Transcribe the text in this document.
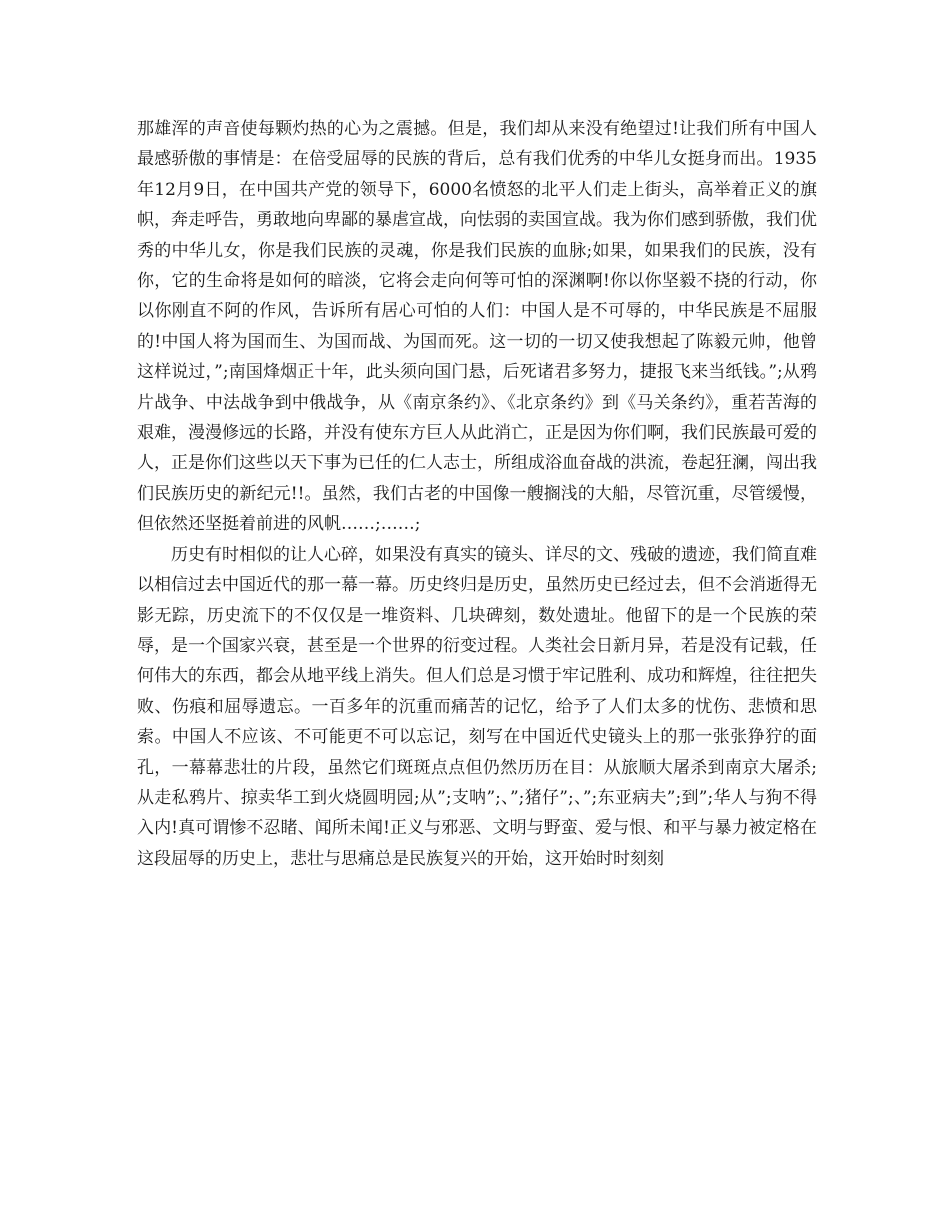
那雄浑的声音使每颗灼热的心为之震撼。但是，我们却从来没有绝望过!让我们所有中国人最感骄傲的事情是：在倍受屈辱的民族的背后，总有我们优秀的中华儿女挺身而出。1935年12月9日，在中国共产党的领导下，6000名愤怒的北平人们走上街头，高举着正义的旗帜，奔走呼告，勇敢地向卑鄙的暴虐宣战，向怯弱的卖国宣战。我为你们感到骄傲，我们优秀的中华儿女，你是我们民族的灵魂，你是我们民族的血脉;如果，如果我们的民族，没有你，它的生命将是如何的暗淡，它将会走向何等可怕的深渊啊!你以你坚毅不挠的行动，你以你刚直不阿的作风，告诉所有居心可怕的人们：中国人是不可辱的，中华民族是不屈服的!中国人将为国而生、为国而战、为国而死。这一切的一切又使我想起了陈毅元帅，他曾这样说过，”;南国烽烟正十年，此头须向国门悬，后死诸君多努力，捷报飞来当纸钱。”;从鸦片战争、中法战争到中俄战争，从《南京条约》、《北京条约》到《马关条约》，重若苦海的艰难，漫漫修远的长路，并没有使东方巨人从此消亡，正是因为你们啊，我们民族最可爱的人，正是你们这些以天下事为已任的仁人志士，所组成浴血奋战的洪流，卷起狂澜，闯出我们民族历史的新纪元!!。虽然，我们古老的中国像一艘搁浅的大船，尽管沉重，尽管缓慢，但依然还坚挺着前进的风帆……;……;

历史有时相似的让人心碎，如果没有真实的镜头、详尽的文、残破的遗迹，我们简直难以相信过去中国近代的那一幕一幕。历史终归是历史，虽然历史已经过去，但不会消逝得无影无踪，历史流下的不仅仅是一堆资料、几块碑刻，数处遗址。他留下的是一个民族的荣辱，是一个国家兴衰，甚至是一个世界的衍变过程。人类社会日新月异，若是没有记载，任何伟大的东西，都会从地平线上消失。但人们总是习惯于牢记胜利、成功和辉煌，往往把失败、伤痕和屈辱遗忘。一百多年的沉重而痛苦的记忆，给予了人们太多的忧伤、悲愤和思索。中国人不应该、不可能更不可以忘记，刻写在中国近代史镜头上的那一张张狰狞的面孔，一幕幕悲壮的片段，虽然它们斑斑点点但仍然历历在目：从旅顺大屠杀到南京大屠杀;从走私鸦片、掠卖华工到火烧圆明园;从”;支呐”;、”;猪仔”;、”;东亚病夫”;到”;华人与狗不得入内!真可谓惨不忍睹、闻所未闻!正义与邪恶、文明与野蛮、爱与恨、和平与暴力被定格在这段屈辱的历史上，悲壮与思痛总是民族复兴的开始，这开始时时刻刻
